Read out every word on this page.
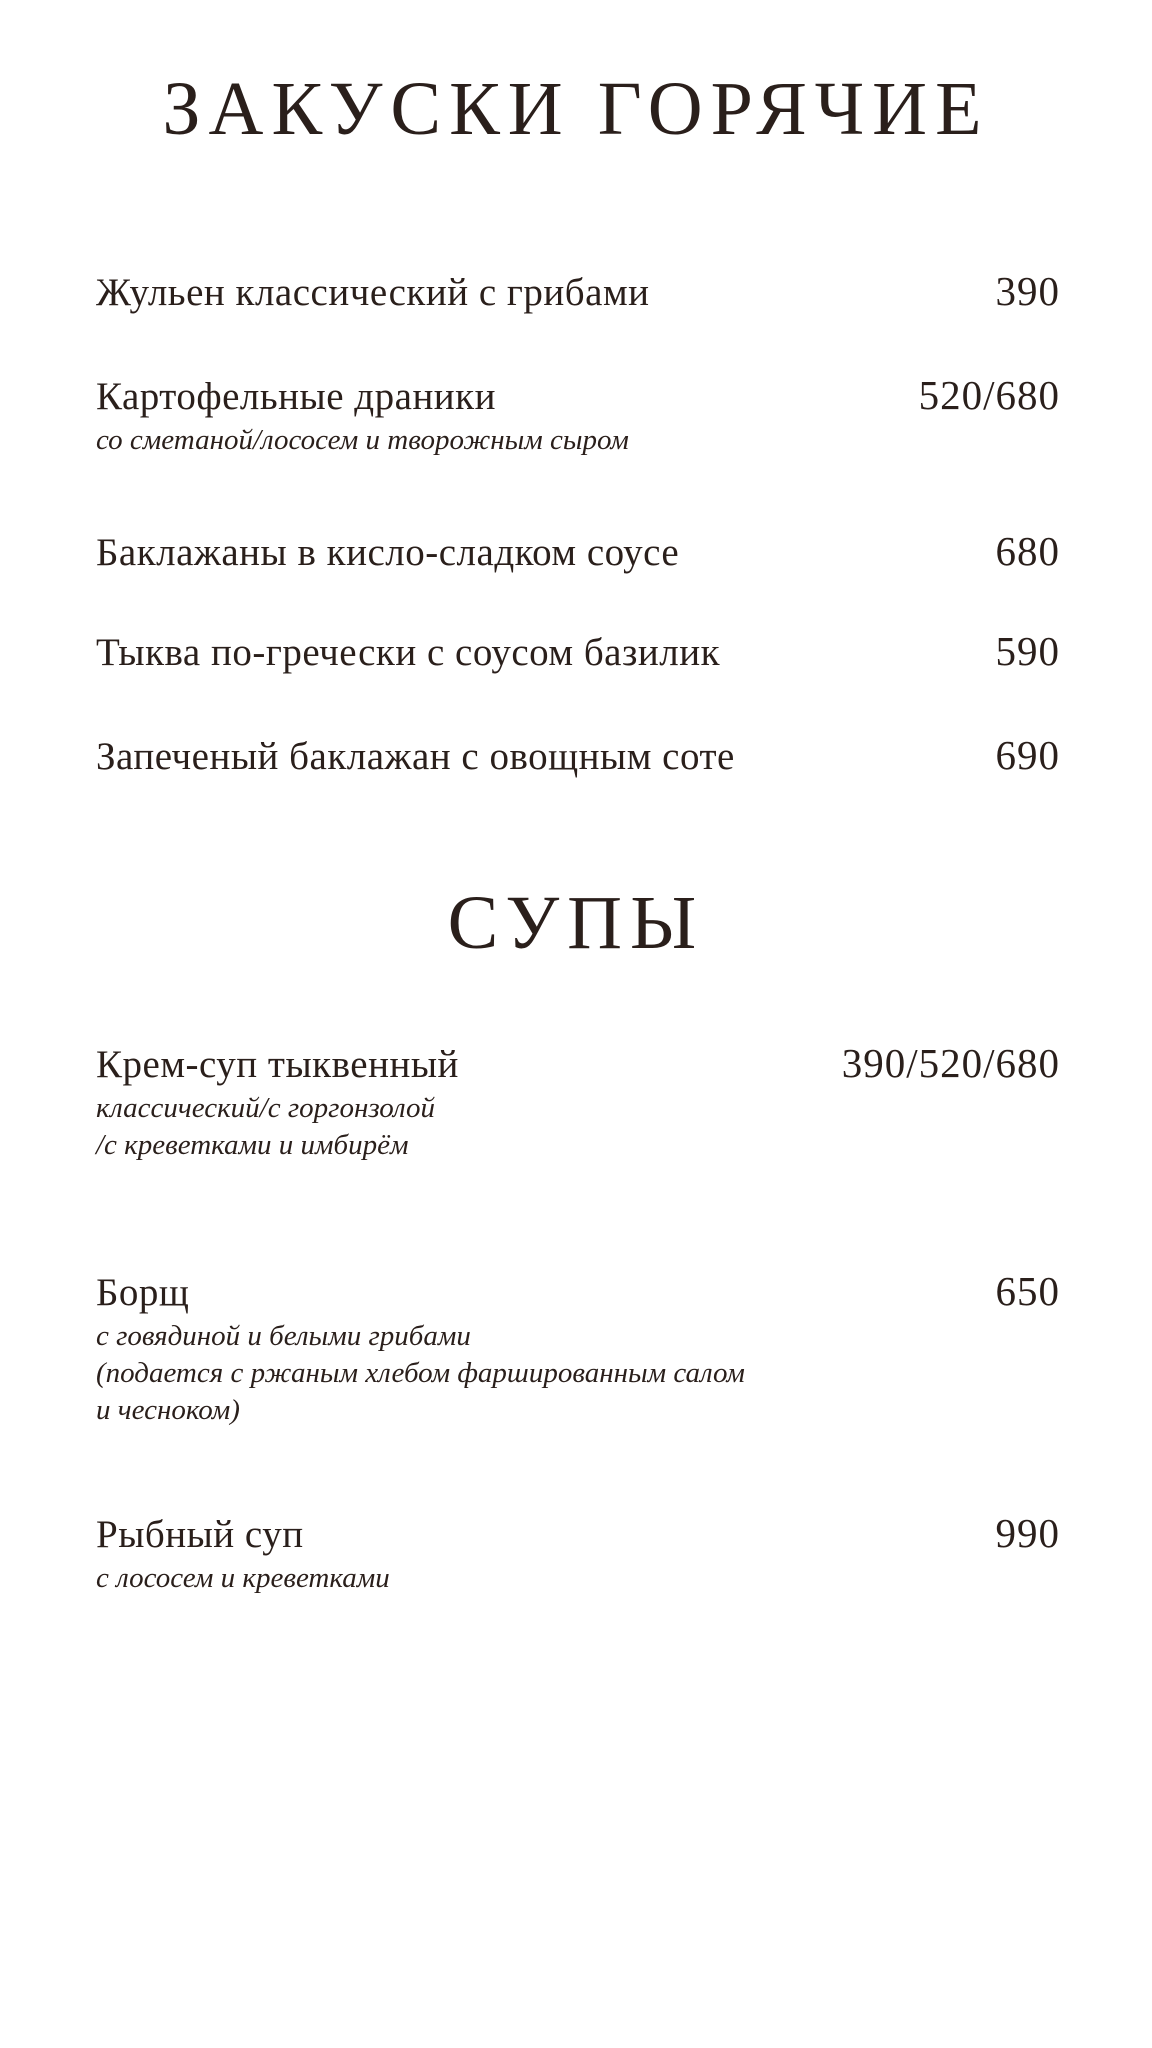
ЗАКУСКИ ГОРЯЧИЕ
Жульен классический с грибами	390
Картофельные драники	520/680
со сметаной/лососем и творожным сыром
Баклажаны в кисло-сладком соусе	680
Тыква по-гречески с соусом базилик	590
Запеченый баклажан с овощным соте	690
СУПЫ
Крем-суп тыквенный	390/520/680
классический/с горгонзолой
/с креветками и имбирём
Борщ	650
с говядиной и белыми грибами
(подается с ржаным хлебом фаршированным салом
и чесноком)
Рыбный суп	990
с лососем и креветками
